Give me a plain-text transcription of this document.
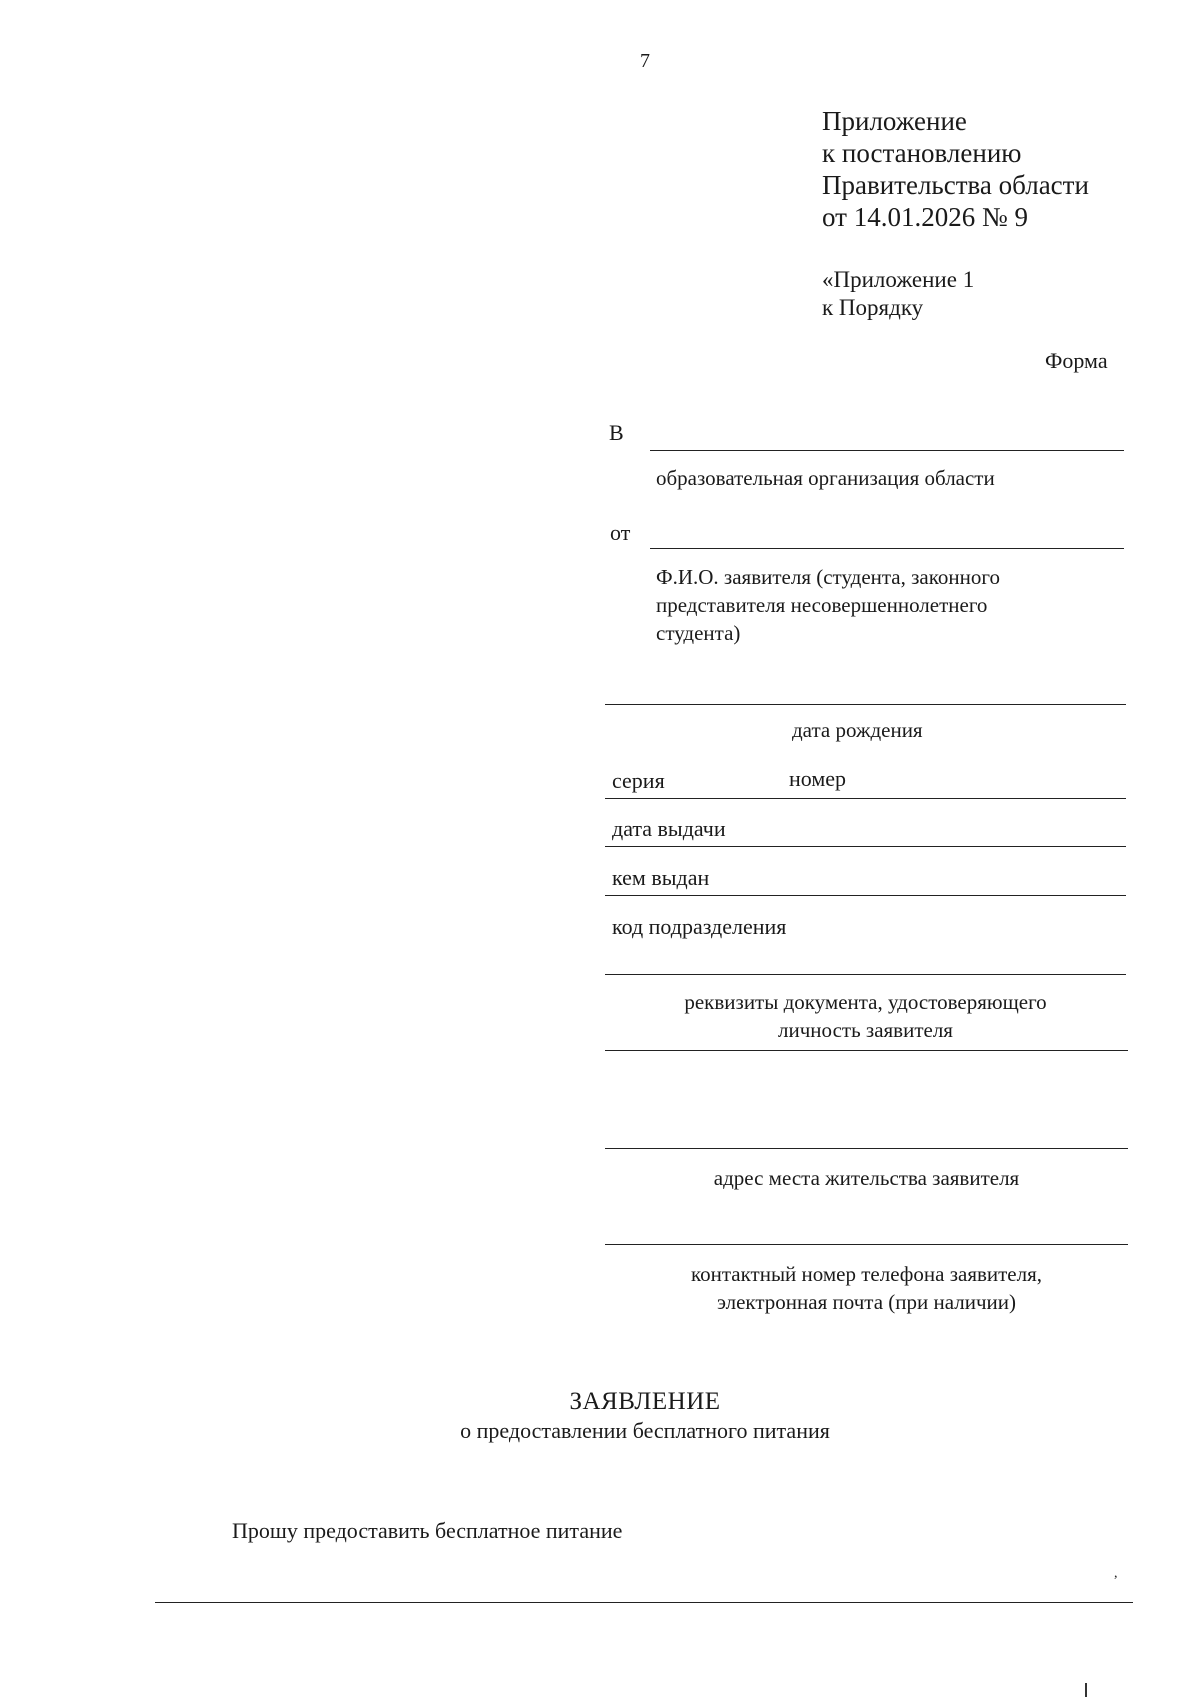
7
Приложение
к постановлению
Правительства области
от 14.01.2026 № 9
«Приложение 1
к Порядку
Форма
В
образовательная организация области
от
Ф.И.О. заявителя (студента, законного
представителя несовершеннолетнего
студента)
дата рождения
серия	номер
дата выдачи
кем выдан
код подразделения
реквизиты документа, удостоверяющего
личность заявителя
адрес места жительства заявителя
контактный номер телефона заявителя,
электронная почта (при наличии)
ЗАЯВЛЕНИЕ
о предоставлении бесплатного питания
Прошу предоставить бесплатное питание
,
